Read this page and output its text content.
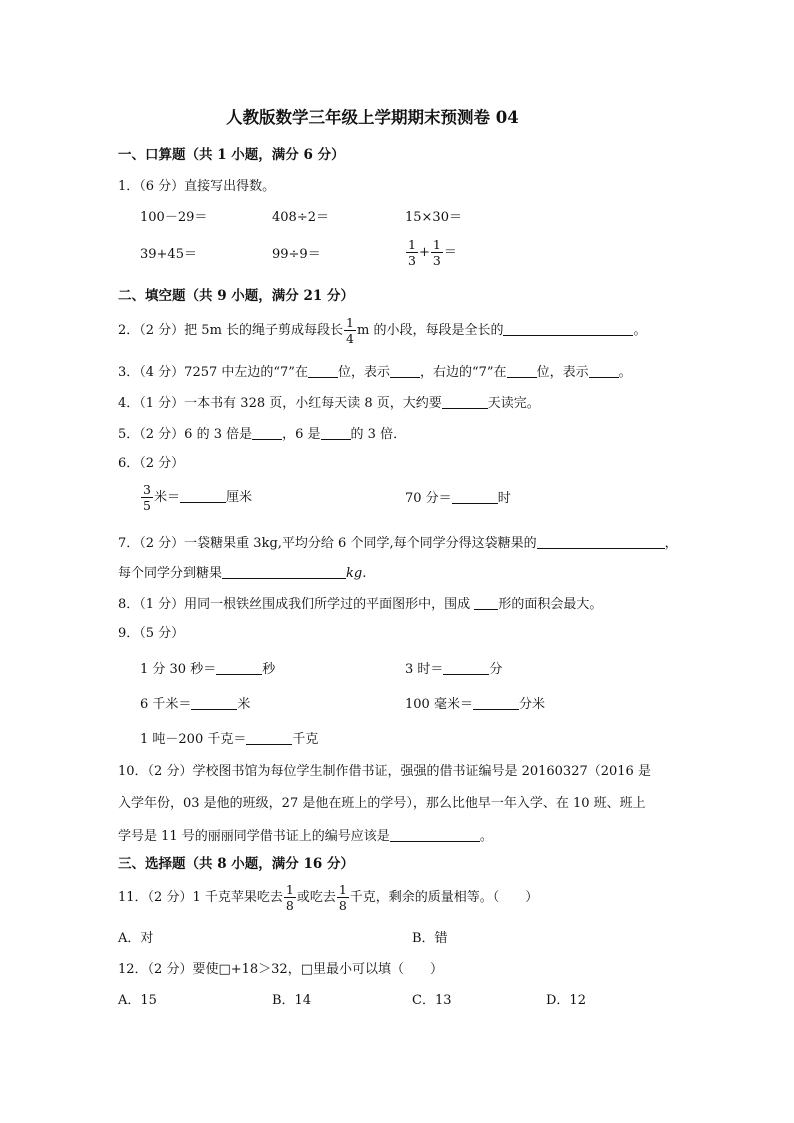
人教版数学三年级上学期期末预测卷 04
一、口算题（共 1 小题，满分 6 分）
1．（6 分）直接写出得数。
100－29＝	408÷2＝	15×30＝
39+45＝	99÷9＝	$\frac{1}{3} + \frac{1}{3}$ ＝
二、填空题（共 9 小题，满分 21 分）
2．（2 分）把 5m 长的绳子剪成每段长 $\frac{1}{4}$ m 的小段，每段是全长的	。
3．（4 分）7257 中左边的“7”在 位，表示 ，右边的“7”在 位，表示 。
4．（1 分）一本书有 328 页，小红每天读 8 页，大约要	天读完。
5．（2 分）6 的 3 倍是 ，6 是 的 3 倍．
6．（2 分）
$\frac{3}{5}$ 米＝	厘米	70 分＝	时
7．（2 分）一袋糖果重 3kg,平均分给 6 个同学,每个同学分得这袋糖果的	，
每个同学分到糖果	kg.
8．（1 分）用同一根铁丝围成我们所学过的平面图形中，围成 形的面积会最大。
9．（5 分）
1 分 30 秒＝	秒	3 时＝	分
6 千米＝	米	100 毫米＝	分米
1 吨－200 千克＝	千克
10．（2 分）学校图书馆为每位学生制作借书证，强强的借书证编号是 20160327（2016 是
入学年份，03 是他的班级，27 是他在班上的学号），那么比他早一年入学、在 10 班、班上
学号是 11 号的丽丽同学借书证上的编号应该是	。
三、选择题（共 8 小题，满分 16 分）
11．（2 分）1 千克苹果吃去 $\frac{1}{8}$ 或吃去 $\frac{1}{8}$ 千克，剩余的质量相等。（　　）
A．对	B．错
12．（2 分）要使□+18＞32，□里最小可以填（　　）
A．15	B．14	C．13	D．12
